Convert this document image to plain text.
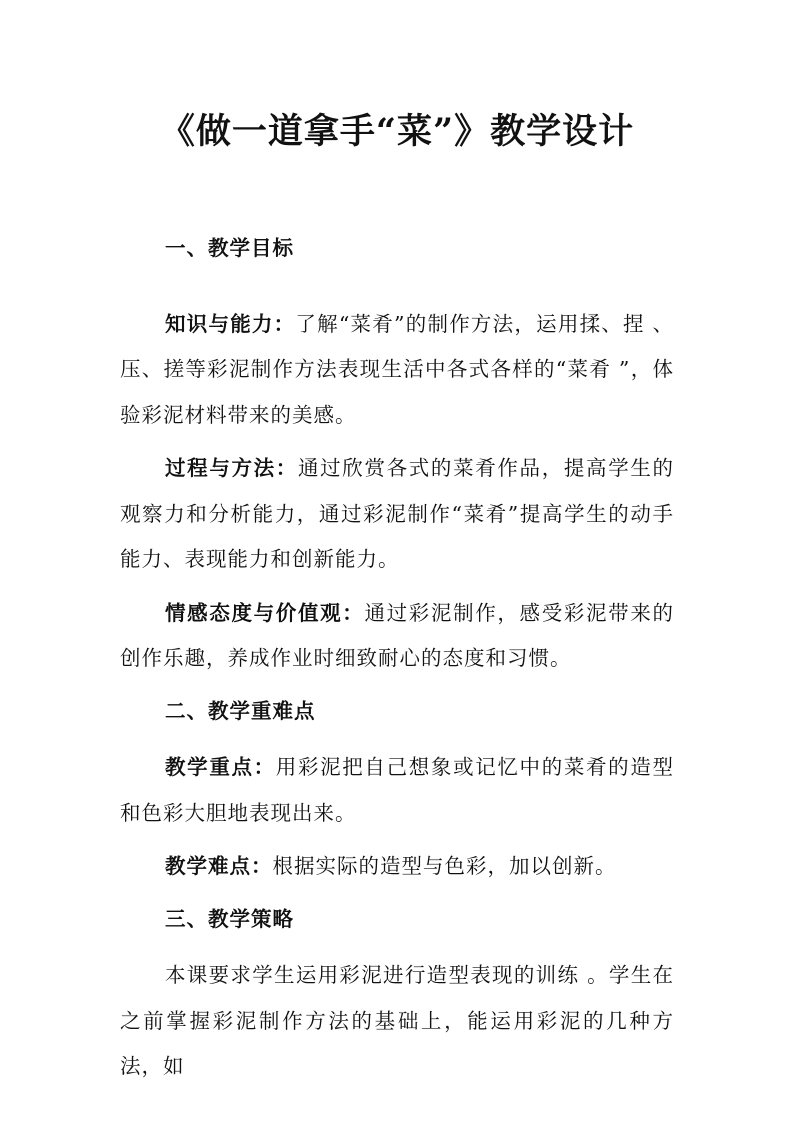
《做一道拿手“菜”》教学设计

一、教学目标

知识与能力：了解“菜肴”的制作方法，运用揉、捏 、压、搓等彩泥制作方法表现生活中各式各样的“菜肴 ”，体验彩泥材料带来的美感。

过程与方法：通过欣赏各式的菜肴作品，提高学生的观察力和分析能力，通过彩泥制作“菜肴”提高学生的动手能力、表现能力和创新能力。

情感态度与价值观：通过彩泥制作，感受彩泥带来的创作乐趣，养成作业时细致耐心的态度和习惯。

二、教学重难点

教学重点：用彩泥把自己想象或记忆中的菜肴的造型和色彩大胆地表现出来。

教学难点：根据实际的造型与色彩，加以创新。

三、教学策略

本课要求学生运用彩泥进行造型表现的训练 。学生在之前掌握彩泥制作方法的基础上，能运用彩泥的几种方法，如
